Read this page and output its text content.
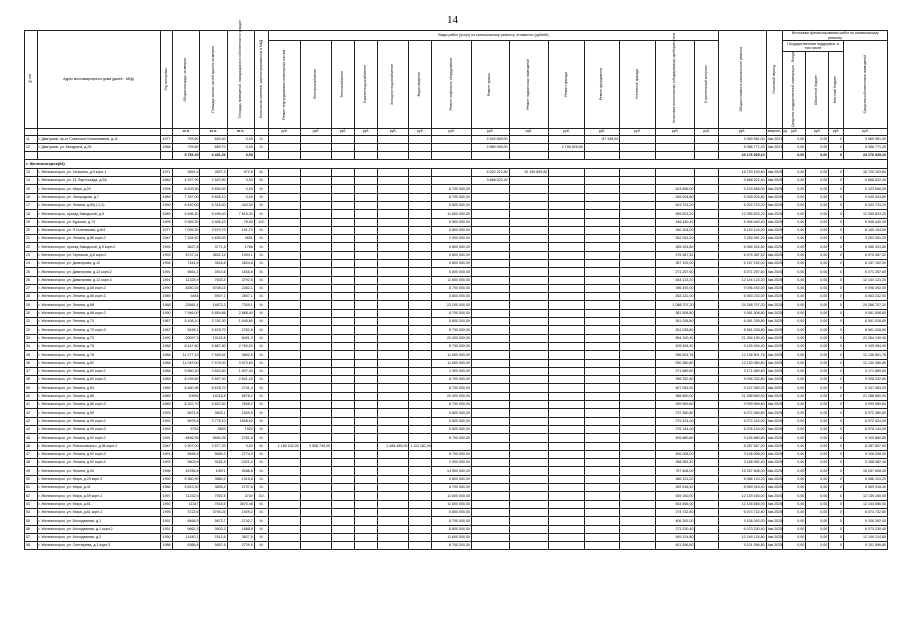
14
№ п/п	Адрес многоквартирного дома (далее - МКД)	Год постройки	Общая площадь, кв.метров	Площадь жилых частей здания, кв.метров	Площадь помещений, находящихся в собственности граждан	Количество жителей, зарегистрированных в МКД	Виды работ (услуг) по капитальному ремонту, стоимость (рублей)														Общая стоимость капитального ремонта	Плановый период	Источники финансирования работ по капитальному ремонту			

							Ремонт внутридомовых инженерных систем	Электроснабжение	Теплоснабжение	Горячее водоснабжение	Холодное водоснабжение	Водоотведение	Ремонт лифтового оборудования	Ремонт крыши	Ремонт подвальных помещений	Ремонт фасада	Ремонт фундамента	Утепление фасада	Установка коллективных (общедомовых) приборов учета	Строительный контроль			Государственная поддержка, в том числе			Средства собственников помещений

																							Средства государственной корпорации - Фонда	Областной бюджет	Местный бюджет	

			кв.м.	кв.м.	кв.м.		руб.	руб.	руб.	руб.	руб.	руб.	руб.	руб.	руб.	руб.	руб.	руб.	руб.	руб.	руб.	квартал, год	руб.	руб.	руб.	руб.
11	г. Дмитриев, пр-кт Советских Космонавтов, д.11	1977	753,60	645,40	0,00	2/-								2 542 659,00			87 345,00				3 069 961,00	4кв.2023г	0,00	0,00	0	3 069 961,00
12	г. Дмитриев, ул. Мичурина, д.25	1968	729,60	669,70	0,00	2/-								2 889 945,00		2 196 825,60					5 086 771,20	4кв.2023г	0,00	0,00	0	5 086 771,20
			5 752,20	4 431,20	0,00																23 176 925,10		0,00	0,00	0	23 176 925,10
г. Железногорск(64)																										
13	г. Железногорск, ул. Гагарина, д.9 корп.1	1971	3691,6	2827,3	972,8	6/-								6 520 212,80	10 199 890,80						16 720 103,60	4кв.2025г	0,00	0,00	0	16 720 103,60
14	г. Железногорск, ул. 21 Партсъезда, д.3А	1982	4 197,90	2 522,90	0,00	5/-								9 668 522,40							9 668 522,40	4кв.2025г	0,00	0,00	0	9 668 522,40
15	г. Железногорск, ул. Мира, д.20	1994	8 409,50	5 694,00	0,00	9/-							8 700 000,00						403 656,00		9 103 656,00	4кв.2025г	0,00	0,00	0	9 103 656,00
16	г. Железногорск, ул. Загородная, д.7	1989	7 187,00	5 838,10	0,00	9/-							8 700 000,00						345 004,80		9 045 004,80	4кв.2025г	0,00	0,00	0	9 045 004,80
17	г. Железногорск, ул. Ленина, д.80(1,1,2)	1990	8 440,00	5 316,00	443,30	9/-							5 800 000,00						403 723,20		6 203 723,20	4кв.2025г	0,00	0,00	0	6 203 723,20
18	г. Железногорск, проезд Заводской, д.9	1989	9 496,40	9 496,40	7 615,30	9/-							11 600 000,00						455 823,20		12 055 823,20	4кв.2025г	0,00	0,00	0	12 055 823,20
19	г. Железногорск, ул. Курская, д.74	1995	9 365,30	4 905,10	78,40	10/-							6 500 000,00						446 440,40		6 946 440,40	4кв.2025г	0,00	0,00	0	6 946 440,40
20	г. Железногорск, ул. Л.Голенькова, д.6/4	1977	7 095,30	3 579,70	191,70	9/-							5 800 000,00						340 104,00		6 140 104,00	4кв.2025г	0,00	0,00	0	6 140 104,00
21	г. Железногорск, ул. Ленина, д.86 корп.2	1987	7 334,40	4 835,00	2651	9/-							2 900 000,00						352 051,20		3 252 051,20	4кв.2025г	0,00	0,00	0	3 252 051,20
22	г. Железногорск, проезд Заводской, д.9 корп.2	1993	5527,8	3771,8	1766	9/-							5 800 000,00						265 324,80		6 065 324,80	4кв.2025г	0,00	0,00	0	6 065 324,80
23	г. Железногорск, ул. Горняков, д.8 корп.2	1993	5737,24	3832,14	1904,1	9/-							5 800 000,00						275 387,52		6 075 387,52	4кв.2025г	0,00	0,00	0	6 075 387,52
24	г. Железногорск, ул. Димитрова, д.12	1994	7441,5	3518,8	2624,8	9/-							5 800 000,00						357 192,00		6 157 192,00	4кв.2025г	0,00	0,00	0	6 157 192,00
25	г. Железногорск, ул. Димитрова, д.12 корп.2	1991	5651,2	3913,6	1835,8	9/-							5 800 000,00						271 257,60		6 071 257,60	4кв.2025г	0,00	0,00	0	6 071 257,60
26	г. Железногорск, ул. Димитрова, д.12 корп.3	1991	11325,9	7633,4	3792,5	9/-							11 600 000,00						544 123,20		12 144 123,20	4кв.2025г	0,00	0,00	0	12 144 123,20
27	г. Железногорск, ул. Ленина, д.66 корп.2	1990	8250,25	5708,15	2352,1	9/-							8 700 000,00						396 492,00		9 096 492,00	4кв.2025г	0,00	0,00	0	9 096 492,00
28	г. Железногорск, ул. Ленина, д.66 корп.3	1989	5484	5907,1	2807,1	9/-							5 800 000,00						263 232,00		6 063 232,00	4кв.2025г	0,00	0,00	0	6 063 232,00
29	г. Железногорск, ул. Ленина, д.68	1988	22681,4	14873,3	7309,1	9/-							23 200 000,00						1 088 707,20		24 288 707,20	4кв.2025г	0,00	0,00	0	24 288 707,20
30	г. Железногорск, ул. Ленина, д.68 корп.2	1990	7 946,00	5 859,86	2 688,40	9/-							8 700 000,00						381 508,80		9 081 508,80	4кв.2025г	0,00	0,00	0	9 081 508,80
31	г. Железногорск, ул. Ленина, д.70	1987	5 438,10	3 782,30	1 645,80	9/-							5 800 000,00						261 028,80		6 061 028,80	4кв.2025г	0,00	0,00	0	6 061 028,80
32	г. Железногорск, ул. Ленина, д.70 корп.3	1987	5438,1	5 678,70	2762,8	9/-							8 700 000,00						261 028,80		8 961 028,80	4кв.2025г	0,00	0,00	0	8 961 028,80
33	г. Железногорск, ул. Ленина, д.72	1990	20097,3	13192,8	6491,3	9/-							20 300 000,00						964 190,40		21 264 190,40	4кв.2025г	0,00	0,00	0	21 264 190,40
34	г. Железногорск, ул. Ленина, д.76	1988	8 447,80	5 887,80	2 760,00	9/-							8 700 000,00						405 494,40		9 105 494,40	4кв.2025г	0,00	0,00	0	9 105 494,40
35	г. Железногорск, ул. Ленина, д.78	1988	11 177,12	7 545,52	3602,5	9/-							11 600 000,00						536 501,76		12 136 501,76	4кв.2025г	0,00	0,00	0	12 136 501,76
36	г. Железногорск, ул. Ленина, д.82	1988	11 049,00	7 476,00	3 573,60	9/-							11 600 000,00						530 380,80		12 130 380,80	4кв.2025г	0,00	0,00	0	12 130 380,80
37	г. Железногорск, ул. Ленина, д.82 корп.2	1988	5 660,20	3 822,60	1 837,40	9/-							2 900 000,00						271 689,60		3 171 689,60	4кв.2025г	0,00	0,00	0	3 171 689,60
38	г. Железногорск, ул. Ленина, д.82 корп.3	1989	8 299,60	5 657,40	2 641,20	9/-							8 700 000,00						398 332,80		9 098 332,80	4кв.2025г	0,00	0,00	0	9 098 332,80
39	г. Железногорск, ул. Ленина, д.84	1989	8 480,96	5 678,70	2741,4	9/-							8 700 000,00						407 083,20		9 107 083,20	4кв.2025г	0,00	0,00	0	9 107 083,20
40	г. Железногорск, ул. Ленина, д.86	1989	20595	14018,8	6578,2	9/-							20 300 000,00						988 560,00		21 288 560,00	4кв.2025г	0,00	0,00	0	21 288 560,00
41	г. Железногорск, ул. Ленина, д.86 корп.3	1989	8 332,70	5 822,50	2505,2	9/-							8 700 000,00						399 969,60		9 099 969,60	4кв.2025г	0,00	0,00	0	9 099 969,60
42	г. Железногорск, ул. Ленина, д.90	1993	5674,6	3833,1	1839,5	9/-							5 800 000,00						272 380,80		6 072 380,80	4кв.2025г	0,00	0,00	0	6 072 380,80
43	г. Железногорск, ул. Ленина, д.90 корп.2	1992	5676,5	3 778,10	1898,02	9/-							5 800 000,00						272 424,00		6 072 424,00	4кв.2025г	0,00	0,00	0	6 072 424,00
44	г. Железногорск, ул. Ленина, д.90 корп.3	1993	5753	3833	1920	9/-							5 800 000,00						276 144,00		6 076 144,00	4кв.2025г	0,00	0,00	0	6 076 144,00
45	г. Железногорск, ул. Ленина, д.92 корп.2	1991	8456,95	5694,35	2761,6	9/-							8 700 000,00						405 880,80		9 105 880,80	4кв.2025г	0,00	0,00	0	9 105 880,80
46	г. Железногорск, ул. Рокоссовского, д.56 корп.2	1987	2 907,00	2 577,20	0,00	5/-	1 180 242,00	3 508 749,00			2 485 485,00	1 113 181,00									8 287 657,00	4кв.2025г	0,00	0,00	0	8 287 657,00
47	г. Железногорск, ул. Ленина, д.92 корп.3	1991	8458,5	5684,2	2774,3	9/-							8 700 000,00						406 008,00		9 106 008,00	4кв.2025г	0,00	0,00	0	9 106 008,00
48	г. Железногорск, ул. Ленина, д.92 корп.4	1992	5603,8	3182,4	2421,4	9/-							2 900 000,00						268 982,40		3 168 982,40	4кв.2025г	0,00	0,00	0	3 168 982,40
49	г. Железногорск, ул. Ленина, д.94	1996	15785,8	10571	5088,8	9/-							14 500 000,00						757 608,00		15 257 608,00	4кв.2025г	0,00	0,00	0	15 257 608,00
50	г. Железногорск, ул. Мира, д.25 корп.2	1990	5 960,90	3860,2	1915,8	9/-							5 800 000,00						286 123,20		6 086 123,20	4кв.2025г	0,00	0,00	0	6 086 123,20
51	г. Железногорск, ул. Мира, д.41	1986	5 623,30	3835,4	2727,6	9/-							8 700 000,00						269 918,40		8 969 918,40	4кв.2025г	0,00	0,00	0	8 969 918,40
52	г. Железногорск, ул. Мира, д.59 корп.2	1997	11232,5	7592,5	3730	10/-							11 600 000,00						539 160,00		12 139 160,00	4кв.2025г	0,00	0,00	0	12 139 160,00
53	г. Железногорск, ул. Мира, д.61	1992	11347	7616,5	3670,48	9/-							11 600 000,00						544 656,00		12 144 656,00	4кв.2025г	0,00	0,00	0	12 144 656,00
54	г. Железногорск, ул. Мира, д.61 корп.2	1995	5723,6	3794,24	1929,2	9/-							5 800 000,00						274 732,80		6 074 732,80	4кв.2025г	0,00	0,00	0	6 074 732,80
55	г. Железногорск, ул. Молодежная, д.1	1991	8466,5	5673,7	2742,7	9/-							8 700 000,00						406 392,00		9 106 392,00	4кв.2025г	0,00	0,00	0	9 106 392,00
56	г. Железногорск, ул. Молодежная, д.1 корп.2	1991	5662,3	3603,3	1888,8	9/-							5 800 000,00						273 230,40		6 073 230,40	4кв.2025г	0,00	0,00	0	6 073 230,40
57	г. Железногорск, ул. Молодежная, д.2	1990	11440,1	7612,6	3627,5	9/-							11 600 000,00						549 124,80		12 149 124,80	4кв.2025г	0,00	0,00	0	12 149 124,80
58	г. Железногорск, ул. Сентюрева, д.1 корп.3	1986	8366,8	5657,6	2729,5	9/-							8 700 000,00						401 596,80		9 101 596,80	4кв.2025г	0,00	0,00	0	9 101 596,80
